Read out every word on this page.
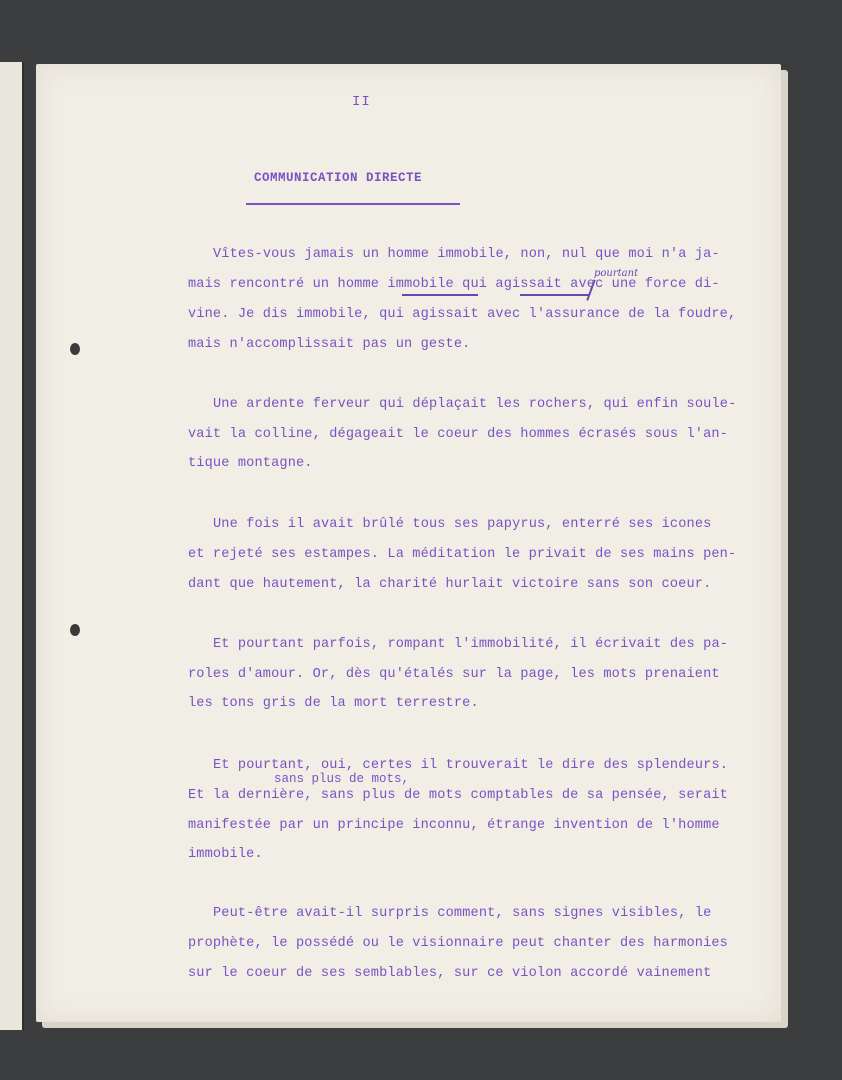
II
COMMUNICATION DIRECTE
pourtant
Vîtes-vous jamais un homme immobile, non, nul que moi n'a ja-
mais rencontré un homme immobile qui agissait avec une force di-
vine. Je dis immobile, qui agissait avec l'assurance de la foudre,
mais n'accomplissait pas un geste.
Une ardente ferveur qui déplaçait les rochers, qui enfin soule-
vait la colline, dégageait le coeur des hommes écrasés sous l'an-
tique montagne.
Une fois il avait brûlé tous ses papyrus, enterré ses icones
et rejeté ses estampes. La méditation le privait de ses mains pen-
dant que hautement, la charité hurlait victoire sans son coeur.
Et pourtant parfois, rompant l'immobilité, il écrivait des pa-
roles d'amour. Or, dès qu'étalés sur la page, les mots prenaient
les tons gris de la mort terrestre.
Et pourtant, oui, certes il trouverait le dire des splendeurs.
sans plus de mots,
Et la dernière, sans plus de mots comptables de sa pensée, serait
manifestée par un principe inconnu, étrange invention de l'homme
immobile.
Peut-être avait-il surpris comment, sans signes visibles, le
prophète, le possédé ou le visionnaire peut chanter des harmonies
sur le coeur de ses semblables, sur ce violon accordé vainement
